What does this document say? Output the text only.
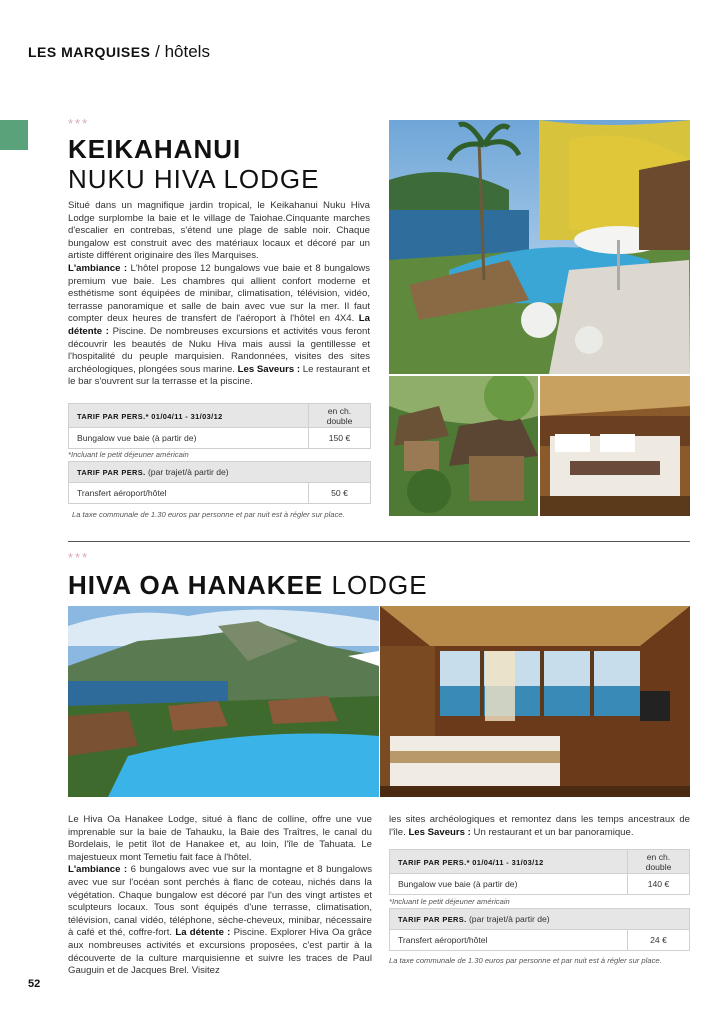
LES MARQUISES / hôtels
***
KEIKAHANUI
NUKU HIVA LODGE
Situé dans un magnifique jardin tropical, le Keikahanui Nuku Hiva Lodge surplombe la baie et le village de Taiohae.Cinquante marches d'escalier en contrebas, s'étend une plage de sable noir. Chaque bungalow est construit avec des matériaux locaux et décoré par un artiste différent originaire des îles Marquises.
L'ambiance : L'hôtel propose 12 bungalows vue baie et 8 bungalows premium vue baie. Les chambres qui allient confort moderne et esthétisme sont équipées de minibar, climatisation, télévision, vidéo, terrasse panoramique et salle de bain avec vue sur la mer. Il faut compter deux heures de transfert de l'aéroport à l'hôtel en 4X4. La détente : Piscine. De nombreuses excursions et activités vous feront découvrir les beautés de Nuku Hiva mais aussi la gentillesse et l'hospitalité du peuple marquisien. Randonnées, visites des sites archéologiques, plongées sous marine. Les Saveurs : Le restaurant et le bar s'ouvrent sur la terrasse et la piscine.
TARIF PAR PERS.* 01/04/11 - 31/03/12	en ch. double
Bungalow vue baie (à partir de)	150 €
*Incluant le petit déjeuner américain
TARIF PAR PERS. (par trajet/à partir de)
Transfert aéroport/hôtel	50 €
La taxe communale de 1.30 euros par personne et par nuit est à régler sur place.
***
HIVA OA HANAKEE LODGE
Le Hiva Oa Hanakee Lodge, situé à flanc de colline, offre une vue imprenable sur la baie de Tahauku, la Baie des Traîtres, le canal du Bordelais, le petit îlot de Hanakee et, au loin, l'île de Tahuata. Le majestueux mont Temetiu fait face à l'hôtel.
L'ambiance : 6 bungalows avec vue sur la montagne et 8 bungalows avec vue sur l'océan sont perchés à flanc de coteau, nichés dans la végétation. Chaque bungalow est décoré par l'un des vingt artistes et sculpteurs locaux. Tous sont équipés d'une terrasse, climatisation, télévision, canal vidéo, téléphone, sèche-cheveux, minibar, nécessaire à café et thé, coffre-fort. La détente : Piscine. Explorer Hiva Oa grâce aux nombreuses activités et excursions proposées, c'est partir à la découverte de la culture marquisienne et suivre les traces de Paul Gauguin et de Jacques Brel. Visitez
les sites archéologiques et remontez dans les temps ancestraux de l'île. Les Saveurs : Un restaurant et un bar panoramique.
TARIF PAR PERS.* 01/04/11 - 31/03/12	en ch. double
Bungalow vue baie (à partir de)	140 €
*Incluant le petit déjeuner américain
TARIF PAR PERS. (par trajet/à partir de)
Transfert aéroport/hôtel	24 €
La taxe communale de 1.30 euros par personne et par nuit est à régler sur place.
52
